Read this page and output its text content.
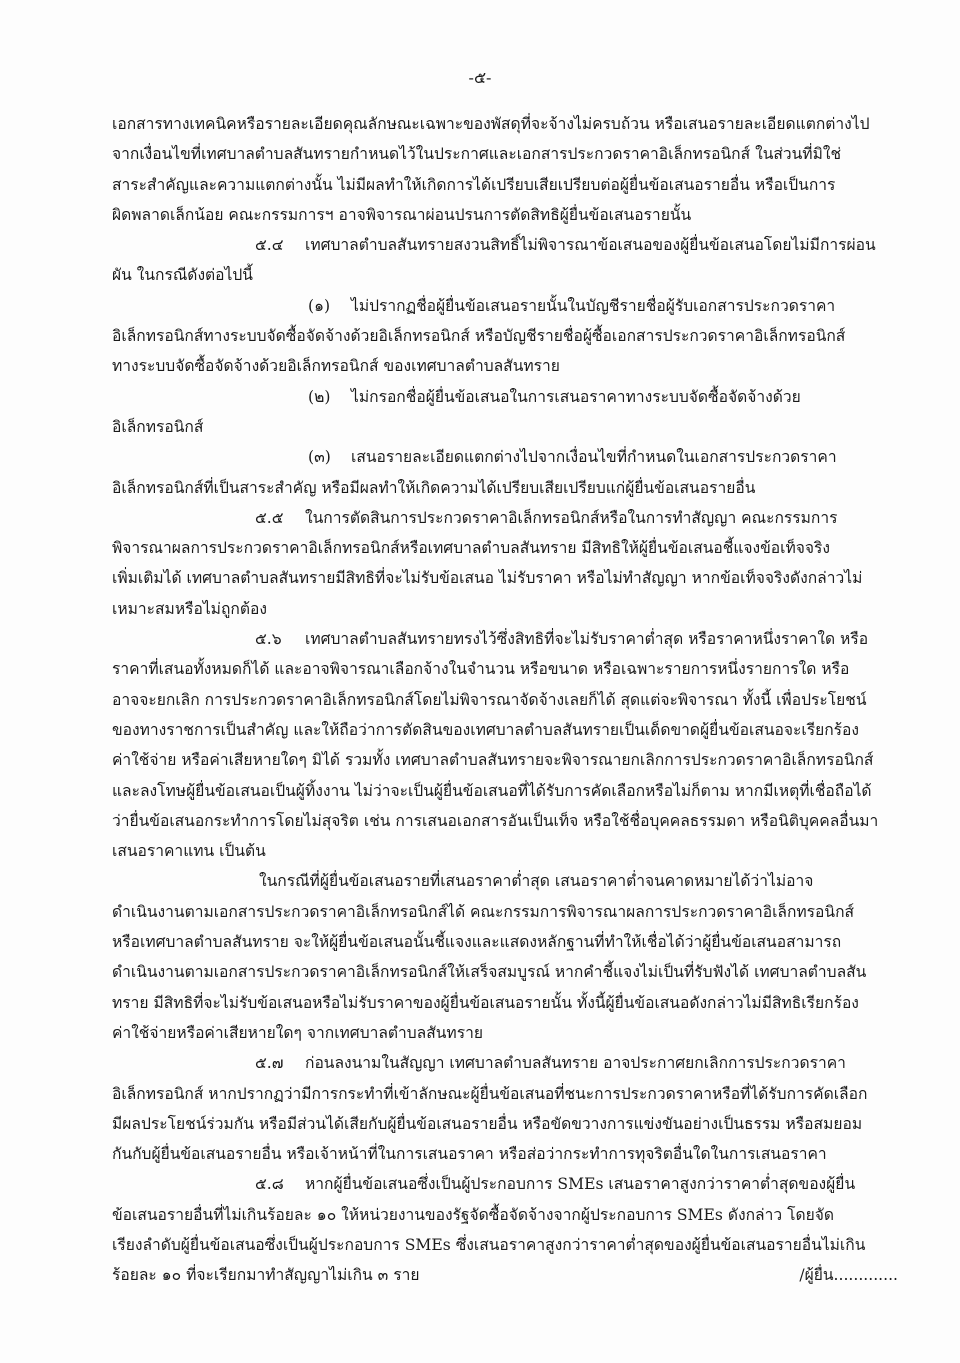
-๕-
เอกสารทางเทคนิคหรือรายละเอียดคุณลักษณะเฉพาะของพัสดุที่จะจ้างไม่ครบถ้วน หรือเสนอรายละเอียดแตกต่างไป
จากเงื่อนไขที่เทศบาลตำบลสันทรายกำหนดไว้ในประกาศและเอกสารประกวดราคาอิเล็กทรอนิกส์ ในส่วนที่มิใช่
สาระสำคัญและความแตกต่างนั้น ไม่มีผลทำให้เกิดการได้เปรียบเสียเปรียบต่อผู้ยื่นข้อเสนอรายอื่น หรือเป็นการ
ผิดพลาดเล็กน้อย คณะกรรมการฯ อาจพิจารณาผ่อนปรนการตัดสิทธิผู้ยื่นข้อเสนอรายนั้น
๕.๔ เทศบาลตำบลสันทรายสงวนสิทธิ์ไม่พิจารณาข้อเสนอของผู้ยื่นข้อเสนอโดยไม่มีการผ่อน
ผัน ในกรณีดังต่อไปนี้
(๑) ไม่ปรากฏชื่อผู้ยื่นข้อเสนอรายนั้นในบัญชีรายชื่อผู้รับเอกสารประกวดราคา
อิเล็กทรอนิกส์ทางระบบจัดซื้อจัดจ้างด้วยอิเล็กทรอนิกส์ หรือบัญชีรายชื่อผู้ซื้อเอกสารประกวดราคาอิเล็กทรอนิกส์
ทางระบบจัดซื้อจัดจ้างด้วยอิเล็กทรอนิกส์ ของเทศบาลตำบลสันทราย
(๒) ไม่กรอกชื่อผู้ยื่นข้อเสนอในการเสนอราคาทางระบบจัดซื้อจัดจ้างด้วย
อิเล็กทรอนิกส์
(๓) เสนอรายละเอียดแตกต่างไปจากเงื่อนไขที่กำหนดในเอกสารประกวดราคา
อิเล็กทรอนิกส์ที่เป็นสาระสำคัญ หรือมีผลทำให้เกิดความได้เปรียบเสียเปรียบแก่ผู้ยื่นข้อเสนอรายอื่น
๕.๕ ในการตัดสินการประกวดราคาอิเล็กทรอนิกส์หรือในการทำสัญญา คณะกรรมการ
พิจารณาผลการประกวดราคาอิเล็กทรอนิกส์หรือเทศบาลตำบลสันทราย มีสิทธิให้ผู้ยื่นข้อเสนอชี้แจงข้อเท็จจริง
เพิ่มเติมได้ เทศบาลตำบลสันทรายมีสิทธิที่จะไม่รับข้อเสนอ ไม่รับราคา หรือไม่ทำสัญญา หากข้อเท็จจริงดังกล่าวไม่
เหมาะสมหรือไม่ถูกต้อง
๕.๖ เทศบาลตำบลสันทรายทรงไว้ซึ่งสิทธิที่จะไม่รับราคาต่ำสุด หรือราคาหนึ่งราคาใด หรือ
ราคาที่เสนอทั้งหมดก็ได้ และอาจพิจารณาเลือกจ้างในจำนวน หรือขนาด หรือเฉพาะรายการหนึ่งรายการใด หรือ
อาจจะยกเลิก การประกวดราคาอิเล็กทรอนิกส์โดยไม่พิจารณาจัดจ้างเลยก็ได้ สุดแต่จะพิจารณา ทั้งนี้ เพื่อประโยชน์
ของทางราชการเป็นสำคัญ และให้ถือว่าการตัดสินของเทศบาลตำบลสันทรายเป็นเด็ดขาดผู้ยื่นข้อเสนอจะเรียกร้อง
ค่าใช้จ่าย หรือค่าเสียหายใดๆ มิได้ รวมทั้ง เทศบาลตำบลสันทรายจะพิจารณายกเลิกการประกวดราคาอิเล็กทรอนิกส์
และลงโทษผู้ยื่นข้อเสนอเป็นผู้ทิ้งงาน ไม่ว่าจะเป็นผู้ยื่นข้อเสนอที่ได้รับการคัดเลือกหรือไม่ก็ตาม หากมีเหตุที่เชื่อถือได้
ว่ายื่นข้อเสนอกระทำการโดยไม่สุจริต เช่น การเสนอเอกสารอันเป็นเท็จ หรือใช้ชื่อบุคคลธรรมดา หรือนิติบุคคลอื่นมา
เสนอราคาแทน เป็นต้น
ในกรณีที่ผู้ยื่นข้อเสนอรายที่เสนอราคาต่ำสุด เสนอราคาต่ำจนคาดหมายได้ว่าไม่อาจ
ดำเนินงานตามเอกสารประกวดราคาอิเล็กทรอนิกส์ได้ คณะกรรมการพิจารณาผลการประกวดราคาอิเล็กทรอนิกส์
หรือเทศบาลตำบลสันทราย จะให้ผู้ยื่นข้อเสนอนั้นชี้แจงและแสดงหลักฐานที่ทำให้เชื่อได้ว่าผู้ยื่นข้อเสนอสามารถ
ดำเนินงานตามเอกสารประกวดราคาอิเล็กทรอนิกส์ให้เสร็จสมบูรณ์ หากคำชี้แจงไม่เป็นที่รับฟังได้ เทศบาลตำบลสัน
ทราย มีสิทธิที่จะไม่รับข้อเสนอหรือไม่รับราคาของผู้ยื่นข้อเสนอรายนั้น ทั้งนี้ผู้ยื่นข้อเสนอดังกล่าวไม่มีสิทธิเรียกร้อง
ค่าใช้จ่ายหรือค่าเสียหายใดๆ จากเทศบาลตำบลสันทราย
๕.๗ ก่อนลงนามในสัญญา เทศบาลตำบลสันทราย อาจประกาศยกเลิกการประกวดราคา
อิเล็กทรอนิกส์ หากปรากฏว่ามีการกระทำที่เข้าลักษณะผู้ยื่นข้อเสนอที่ชนะการประกวดราคาหรือที่ได้รับการคัดเลือก
มีผลประโยชน์ร่วมกัน หรือมีส่วนได้เสียกับผู้ยื่นข้อเสนอรายอื่น หรือขัดขวางการแข่งขันอย่างเป็นธรรม หรือสมยอม
กันกับผู้ยื่นข้อเสนอรายอื่น หรือเจ้าหน้าที่ในการเสนอราคา หรือส่อว่ากระทำการทุจริตอื่นใดในการเสนอราคา
๕.๘ หากผู้ยื่นข้อเสนอซึ่งเป็นผู้ประกอบการ SMEs เสนอราคาสูงกว่าราคาต่ำสุดของผู้ยื่น
ข้อเสนอรายอื่นที่ไม่เกินร้อยละ ๑๐ ให้หน่วยงานของรัฐจัดซื้อจัดจ้างจากผู้ประกอบการ SMEs ดังกล่าว โดยจัด
เรียงลำดับผู้ยื่นข้อเสนอซึ่งเป็นผู้ประกอบการ SMEs ซึ่งเสนอราคาสูงกว่าราคาต่ำสุดของผู้ยื่นข้อเสนอรายอื่นไม่เกิน
ร้อยละ ๑๐ ที่จะเรียกมาทำสัญญาไม่เกิน ๓ ราย	/ผู้ยื่น.............
